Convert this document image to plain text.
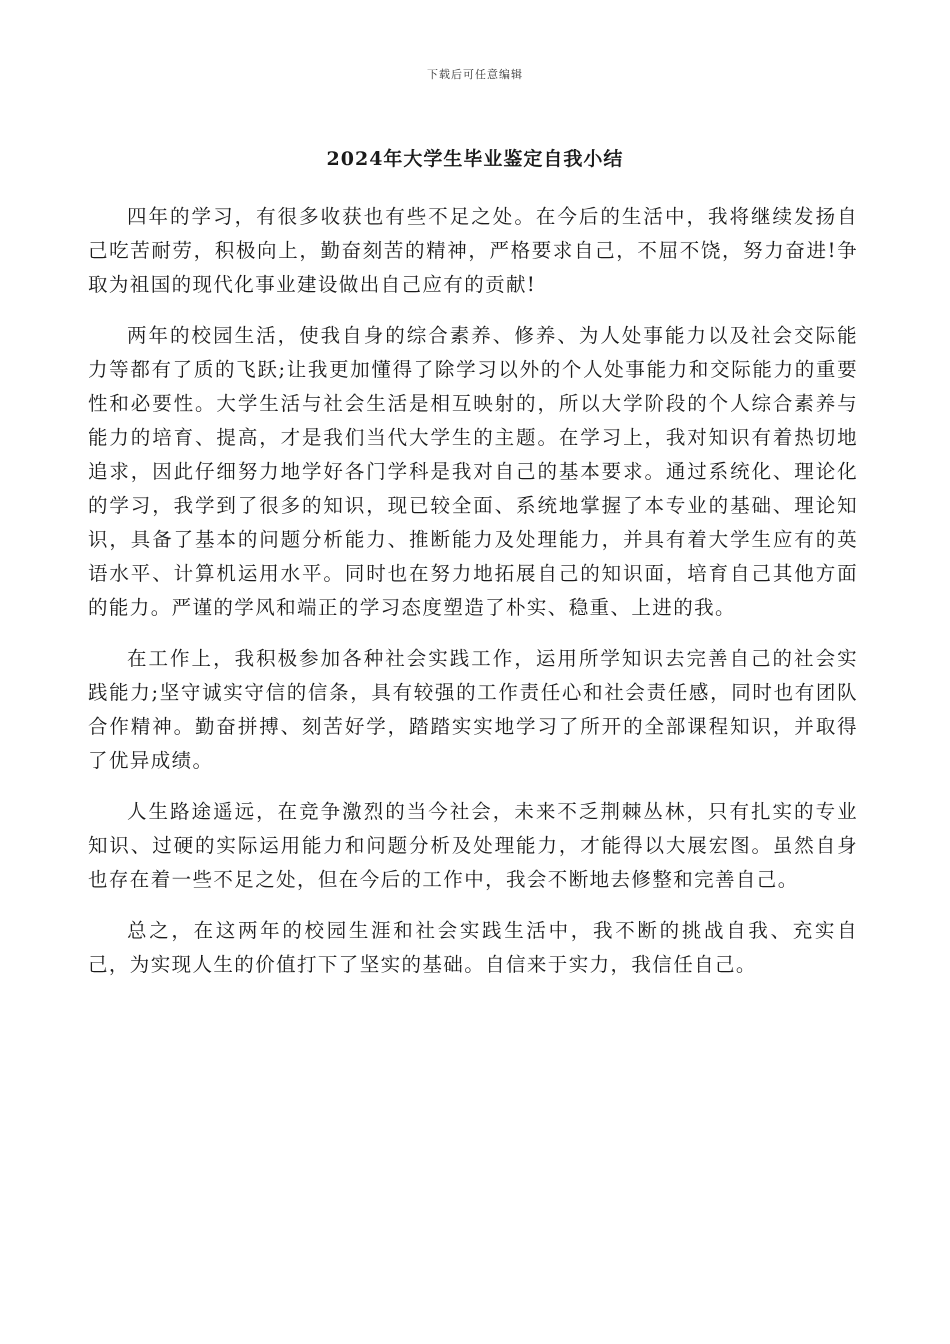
下载后可任意编辑
2024年大学生毕业鉴定自我小结

四年的学习，有很多收获也有些不足之处。在今后的生活中，我将继续发扬自己吃苦耐劳，积极向上，勤奋刻苦的精神，严格要求自己，不屈不饶，努力奋进!争取为祖国的现代化事业建设做出自己应有的贡献!

两年的校园生活，使我自身的综合素养、修养、为人处事能力以及社会交际能力等都有了质的飞跃;让我更加懂得了除学习以外的个人处事能力和交际能力的重要性和必要性。大学生活与社会生活是相互映射的，所以大学阶段的个人综合素养与能力的培育、提高，才是我们当代大学生的主题。在学习上，我对知识有着热切地追求，因此仔细努力地学好各门学科是我对自己的基本要求。通过系统化、理论化的学习，我学到了很多的知识，现已较全面、系统地掌握了本专业的基础、理论知识，具备了基本的问题分析能力、推断能力及处理能力，并具有着大学生应有的英语水平、计算机运用水平。同时也在努力地拓展自己的知识面，培育自己其他方面的能力。严谨的学风和端正的学习态度塑造了朴实、稳重、上进的我。

在工作上，我积极参加各种社会实践工作，运用所学知识去完善自己的社会实践能力;坚守诚实守信的信条，具有较强的工作责任心和社会责任感，同时也有团队合作精神。勤奋拼搏、刻苦好学，踏踏实实地学习了所开的全部课程知识，并取得了优异成绩。

人生路途遥远，在竞争激烈的当今社会，未来不乏荆棘丛林，只有扎实的专业知识、过硬的实际运用能力和问题分析及处理能力，才能得以大展宏图。虽然自身也存在着一些不足之处，但在今后的工作中，我会不断地去修整和完善自己。

总之，在这两年的校园生涯和社会实践生活中，我不断的挑战自我、充实自己，为实现人生的价值打下了坚实的基础。自信来于实力，我信任自己。
